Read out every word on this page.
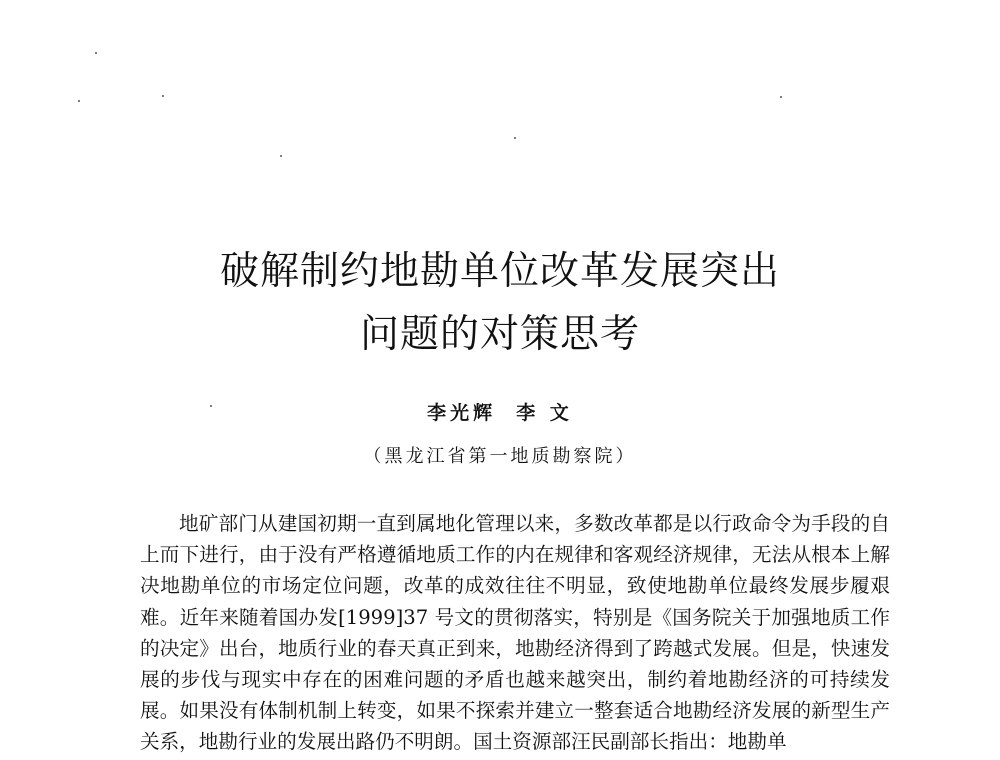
破解制约地勘单位改革发展突出
问题的对策思考
李光辉 李 文
（黑龙江省第一地质勘察院）

地矿部门从建国初期一直到属地化管理以来，多数改革都是以行政命令为手段的自上而下进行，由于没有严格遵循地质工作的内在规律和客观经济规律，无法从根本上解决地勘单位的市场定位问题，改革的成效往往不明显，致使地勘单位最终发展步履艰难。近年来随着国办发[1999]37 号文的贯彻落实，特别是《国务院关于加强地质工作的决定》出台，地质行业的春天真正到来，地勘经济得到了跨越式发展。但是，快速发展的步伐与现实中存在的困难问题的矛盾也越来越突出，制约着地勘经济的可持续发展。如果没有体制机制上转变，如果不探索并建立一整套适合地勘经济发展的新型生产关系，地勘行业的发展出路仍不明朗。国土资源部汪民副部长指出：地勘单
